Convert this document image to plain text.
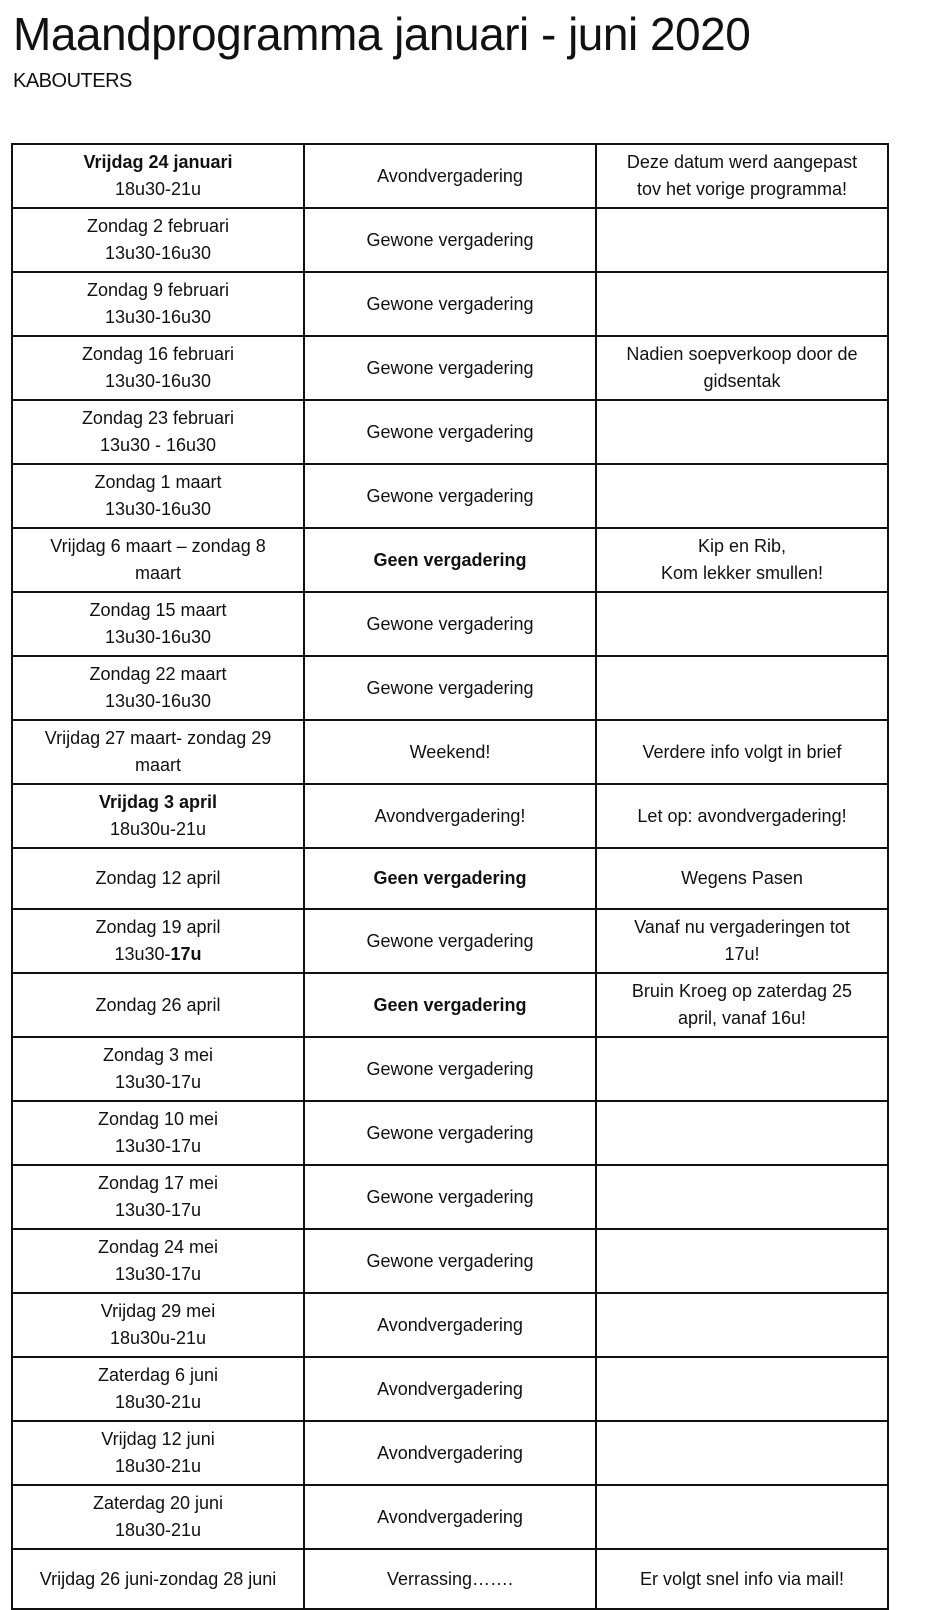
Maandprogramma januari - juni 2020
KABOUTERS
Vrijdag 24 januari
18u30-21u	Avondvergadering	Deze datum werd aangepast
tov het vorige programma!

Zondag 2 februari
13u30-16u30	Gewone vergadering	

Zondag 9 februari
13u30-16u30	Gewone vergadering	

Zondag 16 februari
13u30-16u30	Gewone vergadering	Nadien soepverkoop door de
gidsentak

Zondag 23 februari
13u30 - 16u30	Gewone vergadering	

Zondag 1 maart
13u30-16u30	Gewone vergadering	

Vrijdag 6 maart – zondag 8
maart	Geen vergadering	Kip en Rib,
Kom lekker smullen!

Zondag 15 maart
13u30-16u30	Gewone vergadering	

Zondag 22 maart
13u30-16u30	Gewone vergadering	

Vrijdag 27 maart- zondag 29
maart	Weekend!	Verdere info volgt in brief

Vrijdag 3 april
18u30u-21u	Avondvergadering!	Let op: avondvergadering!

Zondag 12 april	Geen vergadering	Wegens Pasen

Zondag 19 april
13u30-17u	Gewone vergadering	Vanaf nu vergaderingen tot
17u!

Zondag 26 april	Geen vergadering	Bruin Kroeg op zaterdag 25
april, vanaf 16u!

Zondag 3 mei
13u30-17u	Gewone vergadering	

Zondag 10 mei
13u30-17u	Gewone vergadering	

Zondag 17 mei
13u30-17u	Gewone vergadering	

Zondag 24 mei
13u30-17u	Gewone vergadering	

Vrijdag 29 mei
18u30u-21u	Avondvergadering	

Zaterdag 6 juni
18u30-21u	Avondvergadering	

Vrijdag 12 juni
18u30-21u	Avondvergadering	

Zaterdag 20 juni
18u30-21u	Avondvergadering	

Vrijdag 26 juni-zondag 28 juni	Verrassing…….	Er volgt snel info via mail!
